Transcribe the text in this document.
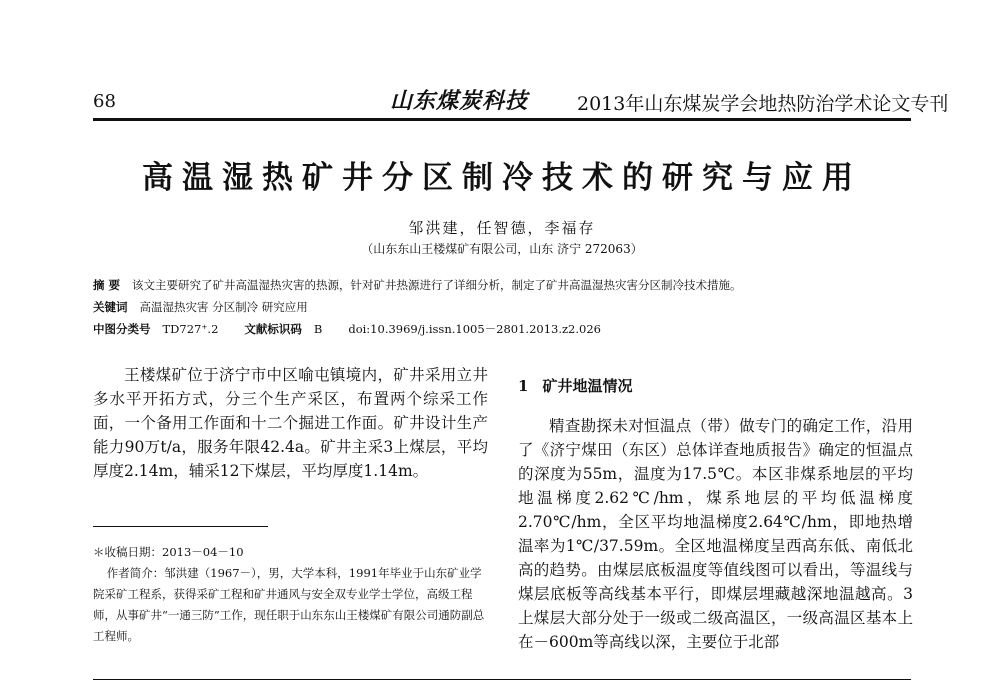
68	山东煤炭科技	2013年山东煤炭学会地热防治学术论文专刊
高温湿热矿井分区制冷技术的研究与应用
邹洪建，任智德，李福存
（山东东山王楼煤矿有限公司，山东 济宁 272063）
摘 要 该文主要研究了矿井高温湿热灾害的热源，针对矿井热源进行了详细分析，制定了矿井高温湿热灾害分区制冷技术措施。
关键词 高温湿热灾害 分区制冷 研究应用
中图分类号 TD727⁺.2 文献标识码 B doi:10.3969/j.issn.1005－2801.2013.z2.026

王楼煤矿位于济宁市中区喻屯镇境内，矿井采用立井多水平开拓方式，分三个生产采区，布置两个综采工作面，一个备用工作面和十二个掘进工作面。矿井设计生产能力90万t/a，服务年限42.4a。矿井主采3上煤层，平均厚度2.14m，辅采12下煤层，平均厚度1.14m。

＊收稿日期：2013－04－10

作者简介：邹洪建（1967－），男，大学本科，1991年毕业于山东矿业学院采矿工程系，获得采矿工程和矿井通风与安全双专业学士学位，高级工程师，从事矿井“一通三防”工作，现任职于山东东山王楼煤矿有限公司通防副总工程师。

1 矿井地温情况

精查勘探未对恒温点（带）做专门的确定工作，沿用了《济宁煤田（东区）总体详查地质报告》确定的恒温点的深度为55m，温度为17.5℃。本区非煤系地层的平均地温梯度2.62℃/hm，煤系地层的平均低温梯度2.70℃/hm，全区平均地温梯度2.64℃/hm，即地热增温率为1℃/37.59m。全区地温梯度呈西高东低、南低北高的趋势。由煤层底板温度等值线图可以看出，等温线与煤层底板等高线基本平行，即煤层埋藏越深地温越高。3上煤层大部分处于一级或二级高温区，一级高温区基本上在－600m等高线以深，主要位于北部
